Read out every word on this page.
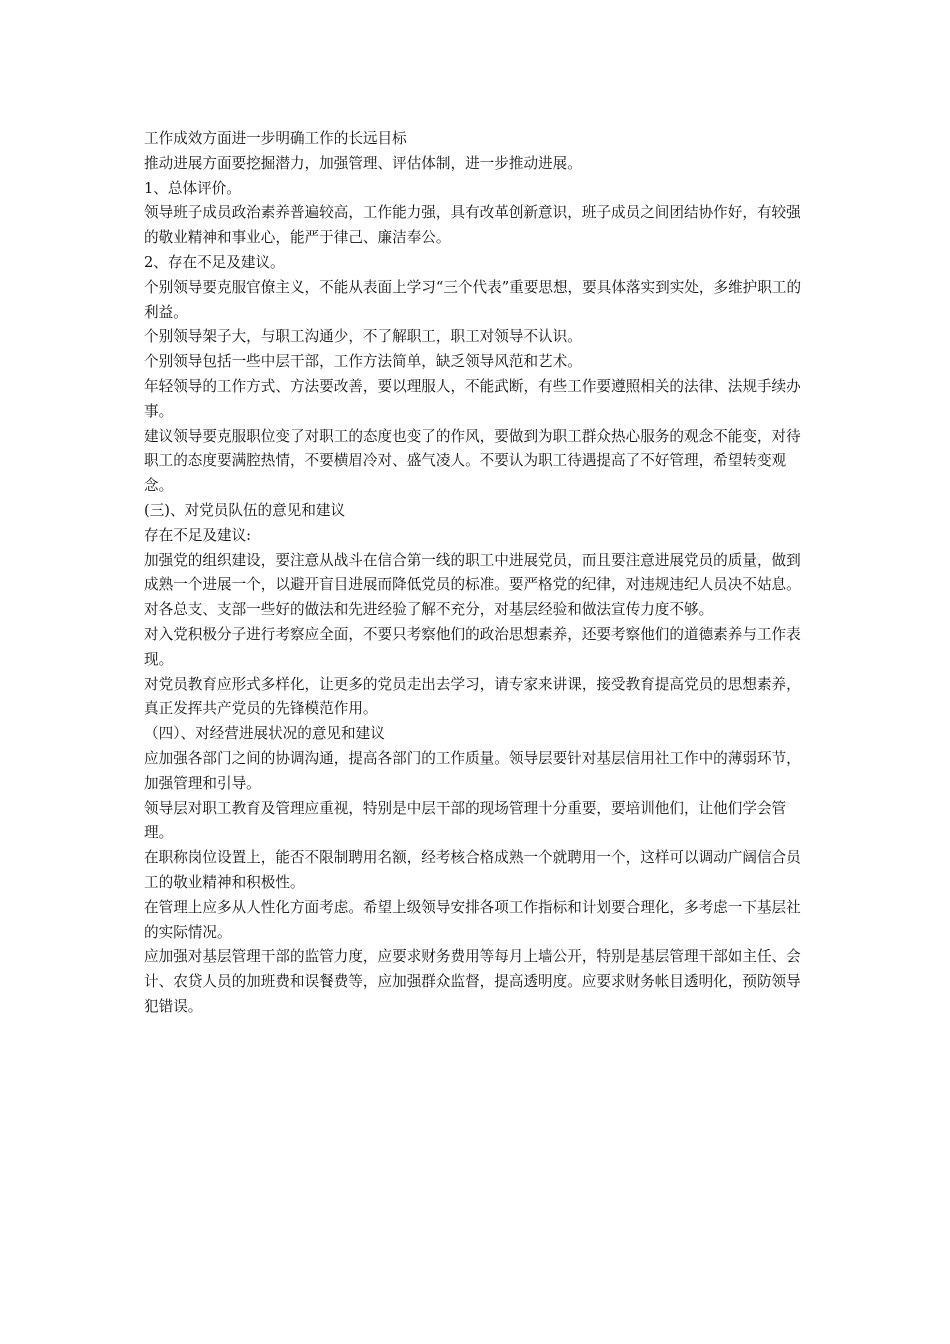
工作成效方面进一步明确工作的长远目标

推动进展方面要挖掘潜力，加强管理、评估体制，进一步推动进展。

1、总体评价。

领导班子成员政治素养普遍较高，工作能力强，具有改革创新意识，班子成员之间团结协作好，有较强的敬业精神和事业心，能严于律己、廉洁奉公。

2、存在不足及建议。

个别领导要克服官僚主义，不能从表面上学习“三个代表”重要思想，要具体落实到实处，多维护职工的利益。

个别领导架子大，与职工沟通少，不了解职工，职工对领导不认识。

个别领导包括一些中层干部，工作方法简单，缺乏领导风范和艺术。

年轻领导的工作方式、方法要改善，要以理服人，不能武断，有些工作要遵照相关的法律、法规手续办事。

建议领导要克服职位变了对职工的态度也变了的作风，要做到为职工群众热心服务的观念不能变，对待职工的态度要满腔热情，不要横眉冷对、盛气凌人。不要认为职工待遇提高了不好管理，希望转变观念。

(三)、对党员队伍的意见和建议

存在不足及建议:

加强党的组织建设，要注意从战斗在信合第一线的职工中进展党员，而且要注意进展党员的质量，做到成熟一个进展一个，以避开盲目进展而降低党员的标准。要严格党的纪律，对违规违纪人员决不姑息。

对各总支、支部一些好的做法和先进经验了解不充分，对基层经验和做法宣传力度不够。

对入党积极分子进行考察应全面，不要只考察他们的政治思想素养，还要考察他们的道德素养与工作表现。

对党员教育应形式多样化，让更多的党员走出去学习，请专家来讲课，接受教育提高党员的思想素养，真正发挥共产党员的先锋模范作用。

（四）、对经营进展状况的意见和建议

应加强各部门之间的协调沟通，提高各部门的工作质量。领导层要针对基层信用社工作中的薄弱环节，加强管理和引导。

领导层对职工教育及管理应重视，特别是中层干部的现场管理十分重要，要培训他们，让他们学会管理。

在职称岗位设置上，能否不限制聘用名额，经考核合格成熟一个就聘用一个，这样可以调动广阔信合员工的敬业精神和积极性。

在管理上应多从人性化方面考虑。希望上级领导安排各项工作指标和计划要合理化，多考虑一下基层社的实际情况。

应加强对基层管理干部的监管力度，应要求财务费用等每月上墙公开，特别是基层管理干部如主任、会计、农贷人员的加班费和误餐费等，应加强群众监督，提高透明度。应要求财务帐目透明化，预防领导犯错误。
